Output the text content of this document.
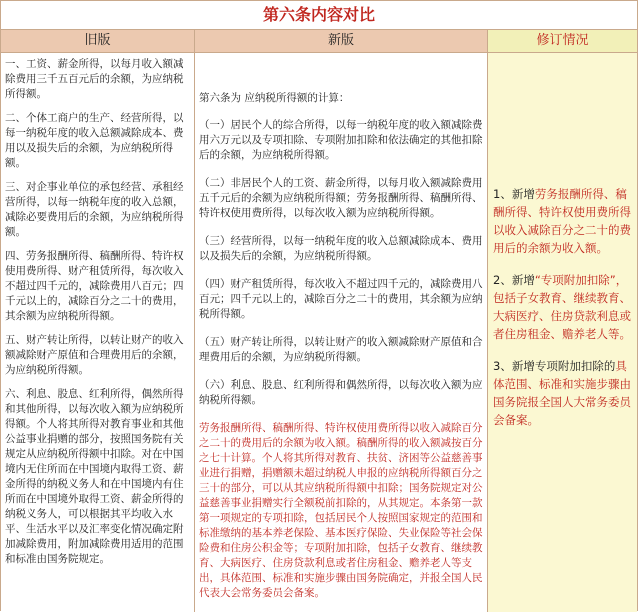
第六条内容对比
旧版	新版	修订情况

一、工资、薪金所得，以每月收入额减除费用三千五百元后的余额，为应纳税所得额。

二、个体工商户的生产、经营所得，以每一纳税年度的收入总额减除成本、费用以及损失后的余额，为应纳税所得额。

三、对企事业单位的承包经营、承租经营所得，以每一纳税年度的收入总额，减除必要费用后的余额，为应纳税所得额。

四、劳务报酬所得、稿酬所得、特许权使用费所得、财产租赁所得，每次收入不超过四千元的，减除费用八百元；四千元以上的，减除百分之二十的费用，其余额为应纳税所得额。

五、财产转让所得，以转让财产的收入额减除财产原值和合理费用后的余额，为应纳税所得额。

六、利息、股息、红利所得，偶然所得和其他所得，以每次收入额为应纳税所得额。个人将其所得对教育事业和其他公益事业捐赠的部分，按照国务院有关规定从应纳税所得额中扣除。对在中国境内无住所而在中国境内取得工资、薪金所得的纳税义务人和在中国境内有住所而在中国境外取得工资、薪金所得的纳税义务人，可以根据其平均收入水平、生活水平以及汇率变化情况确定附加减除费用，附加减除费用适用的范围和标准由国务院规定。

第六条为 应纳税所得额的计算：

（一）居民个人的综合所得，以每一纳税年度的收入额减除费用六万元以及专项扣除、专项附加扣除和依法确定的其他扣除后的余额，为应纳税所得额。

（二）非居民个人的工资、薪金所得，以每月收入额减除费用五千元后的余额为应纳税所得额；劳务报酬所得、稿酬所得、特许权使用费所得，以每次收入额为应纳税所得额。

（三）经营所得，以每一纳税年度的收入总额减除成本、费用以及损失后的余额，为应纳税所得额。

（四）财产租赁所得，每次收入不超过四千元的，减除费用八百元；四千元以上的，减除百分之二十的费用，其余额为应纳税所得额。

（五）财产转让所得，以转让财产的收入额减除财产原值和合理费用后的余额，为应纳税所得额。

（六）利息、股息、红利所得和偶然所得，以每次收入额为应纳税所得额。

劳务报酬所得、稿酬所得、特许权使用费所得以收入减除百分之二十的费用后的余额为收入额。稿酬所得的收入额减按百分之七十计算。个人将其所得对教育、扶贫、济困等公益慈善事业进行捐赠，捐赠额未超过纳税人申报的应纳税所得额百分之三十的部分，可以从其应纳税所得额中扣除；国务院规定对公益慈善事业捐赠实行全额税前扣除的，从其规定。本条第一款第一项规定的专项扣除，包括居民个人按照国家规定的范围和标准缴纳的基本养老保险、基本医疗保险、失业保险等社会保险费和住房公积金等；专项附加扣除，包括子女教育、继续教育、大病医疗、住房贷款利息或者住房租金、赡养老人等支出，具体范围、标准和实施步骤由国务院确定，并报全国人民代表大会常务委员会备案。

1、新增劳务报酬所得、稿酬所得、特许权使用费所得以收入减除百分之二十的费用后的余额为收入额。

2、新增“专项附加扣除”，包括子女教育、继续教育、大病医疗、住房贷款利息或者住房租金、赡养老人等。

3、新增专项附加扣除的具体范围、标准和实施步骤由国务院报全国人大常务委员会备案。
